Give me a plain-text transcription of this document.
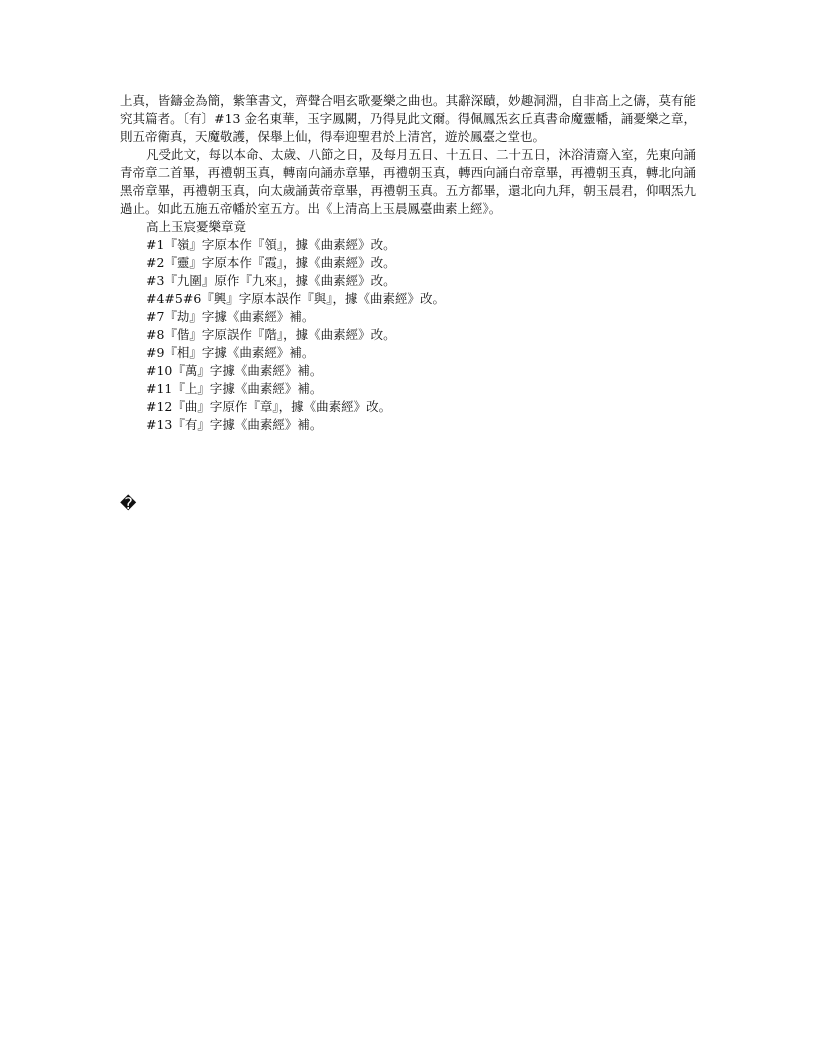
上真，皆鑄金為簡，紫筆書文，齊聲合唱玄歌憂樂之曲也。其辭深賾，妙趣洞淵，自非高上之儔，莫有能究其篇者。〔有〕#13 金名東華，玉字鳳闕，乃得見此文爾。得佩鳳炁玄丘真書命魔靈幡，誦憂樂之章，則五帝衛真，天魔敬護，保舉上仙，得奉迎聖君於上清宮，遊於鳳臺之堂也。

凡受此文，每以本命、太歲、八節之日，及每月五日、十五日、二十五日，沐浴清齋入室，先東向誦青帝章二首畢，再禮朝玉真，轉南向誦赤章畢，再禮朝玉真，轉西向誦白帝章畢，再禮朝玉真，轉北向誦黑帝章畢，再禮朝玉真，向太歲誦黃帝章畢，再禮朝玉真。五方都畢，還北向九拜，朝玉晨君，仰咽炁九過止。如此五施五帝幡於室五方。出《上清高上玉晨鳳臺曲素上經》。

高上玉宸憂樂章竟

#1『嶺』字原本作『領』，據《曲素經》改。
#2『靈』字原本作『霞』，據《曲素經》改。
#3『九圍』原作『九來』，據《曲素經》改。
#4#5#6『興』字原本誤作『與』，據《曲素經》改。
#7『劫』字據《曲素經》補。
#8『偕』字原誤作『階』，據《曲素經》改。
#9『相』字據《曲素經》補。
#10『萬』字據《曲素經》補。
#11『上』字據《曲素經》補。
#12『曲』字原作『章』，據《曲素經》改。
#13『有』字據《曲素經》補。
�
